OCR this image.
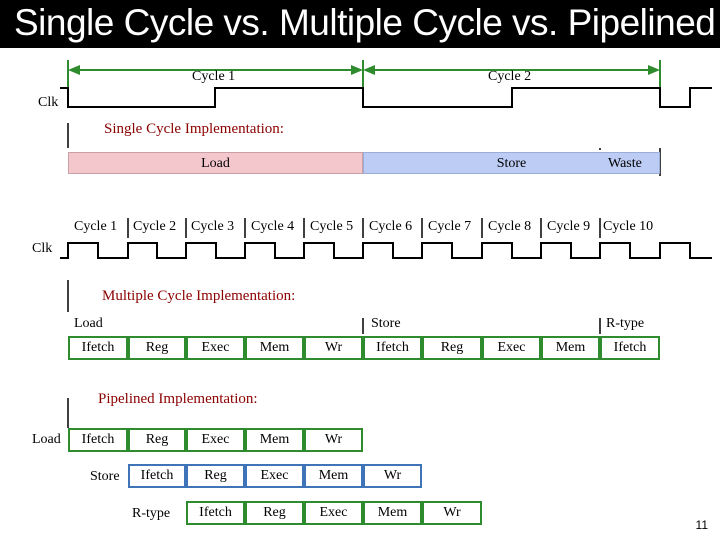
Single Cycle vs. Multiple Cycle vs. Pipelined
Cycle 1	Cycle 2
Clk
Single Cycle Implementation:
Load	Store	Waste
Cycle 1 Cycle 2 Cycle 3 Cycle 4 Cycle 5 Cycle 6 Cycle 7 Cycle 8 Cycle 9 Cycle 10
Clk
Multiple Cycle Implementation:
Load	Store	R-type
Ifetch	Reg	Exec	Mem	Wr	Ifetch	Reg	Exec	Mem	Ifetch
Pipelined Implementation:
Load	Ifetch	Reg	Exec	Mem	Wr
Store	Ifetch	Reg	Exec	Mem	Wr
R-type	Ifetch	Reg	Exec	Mem	Wr
11
